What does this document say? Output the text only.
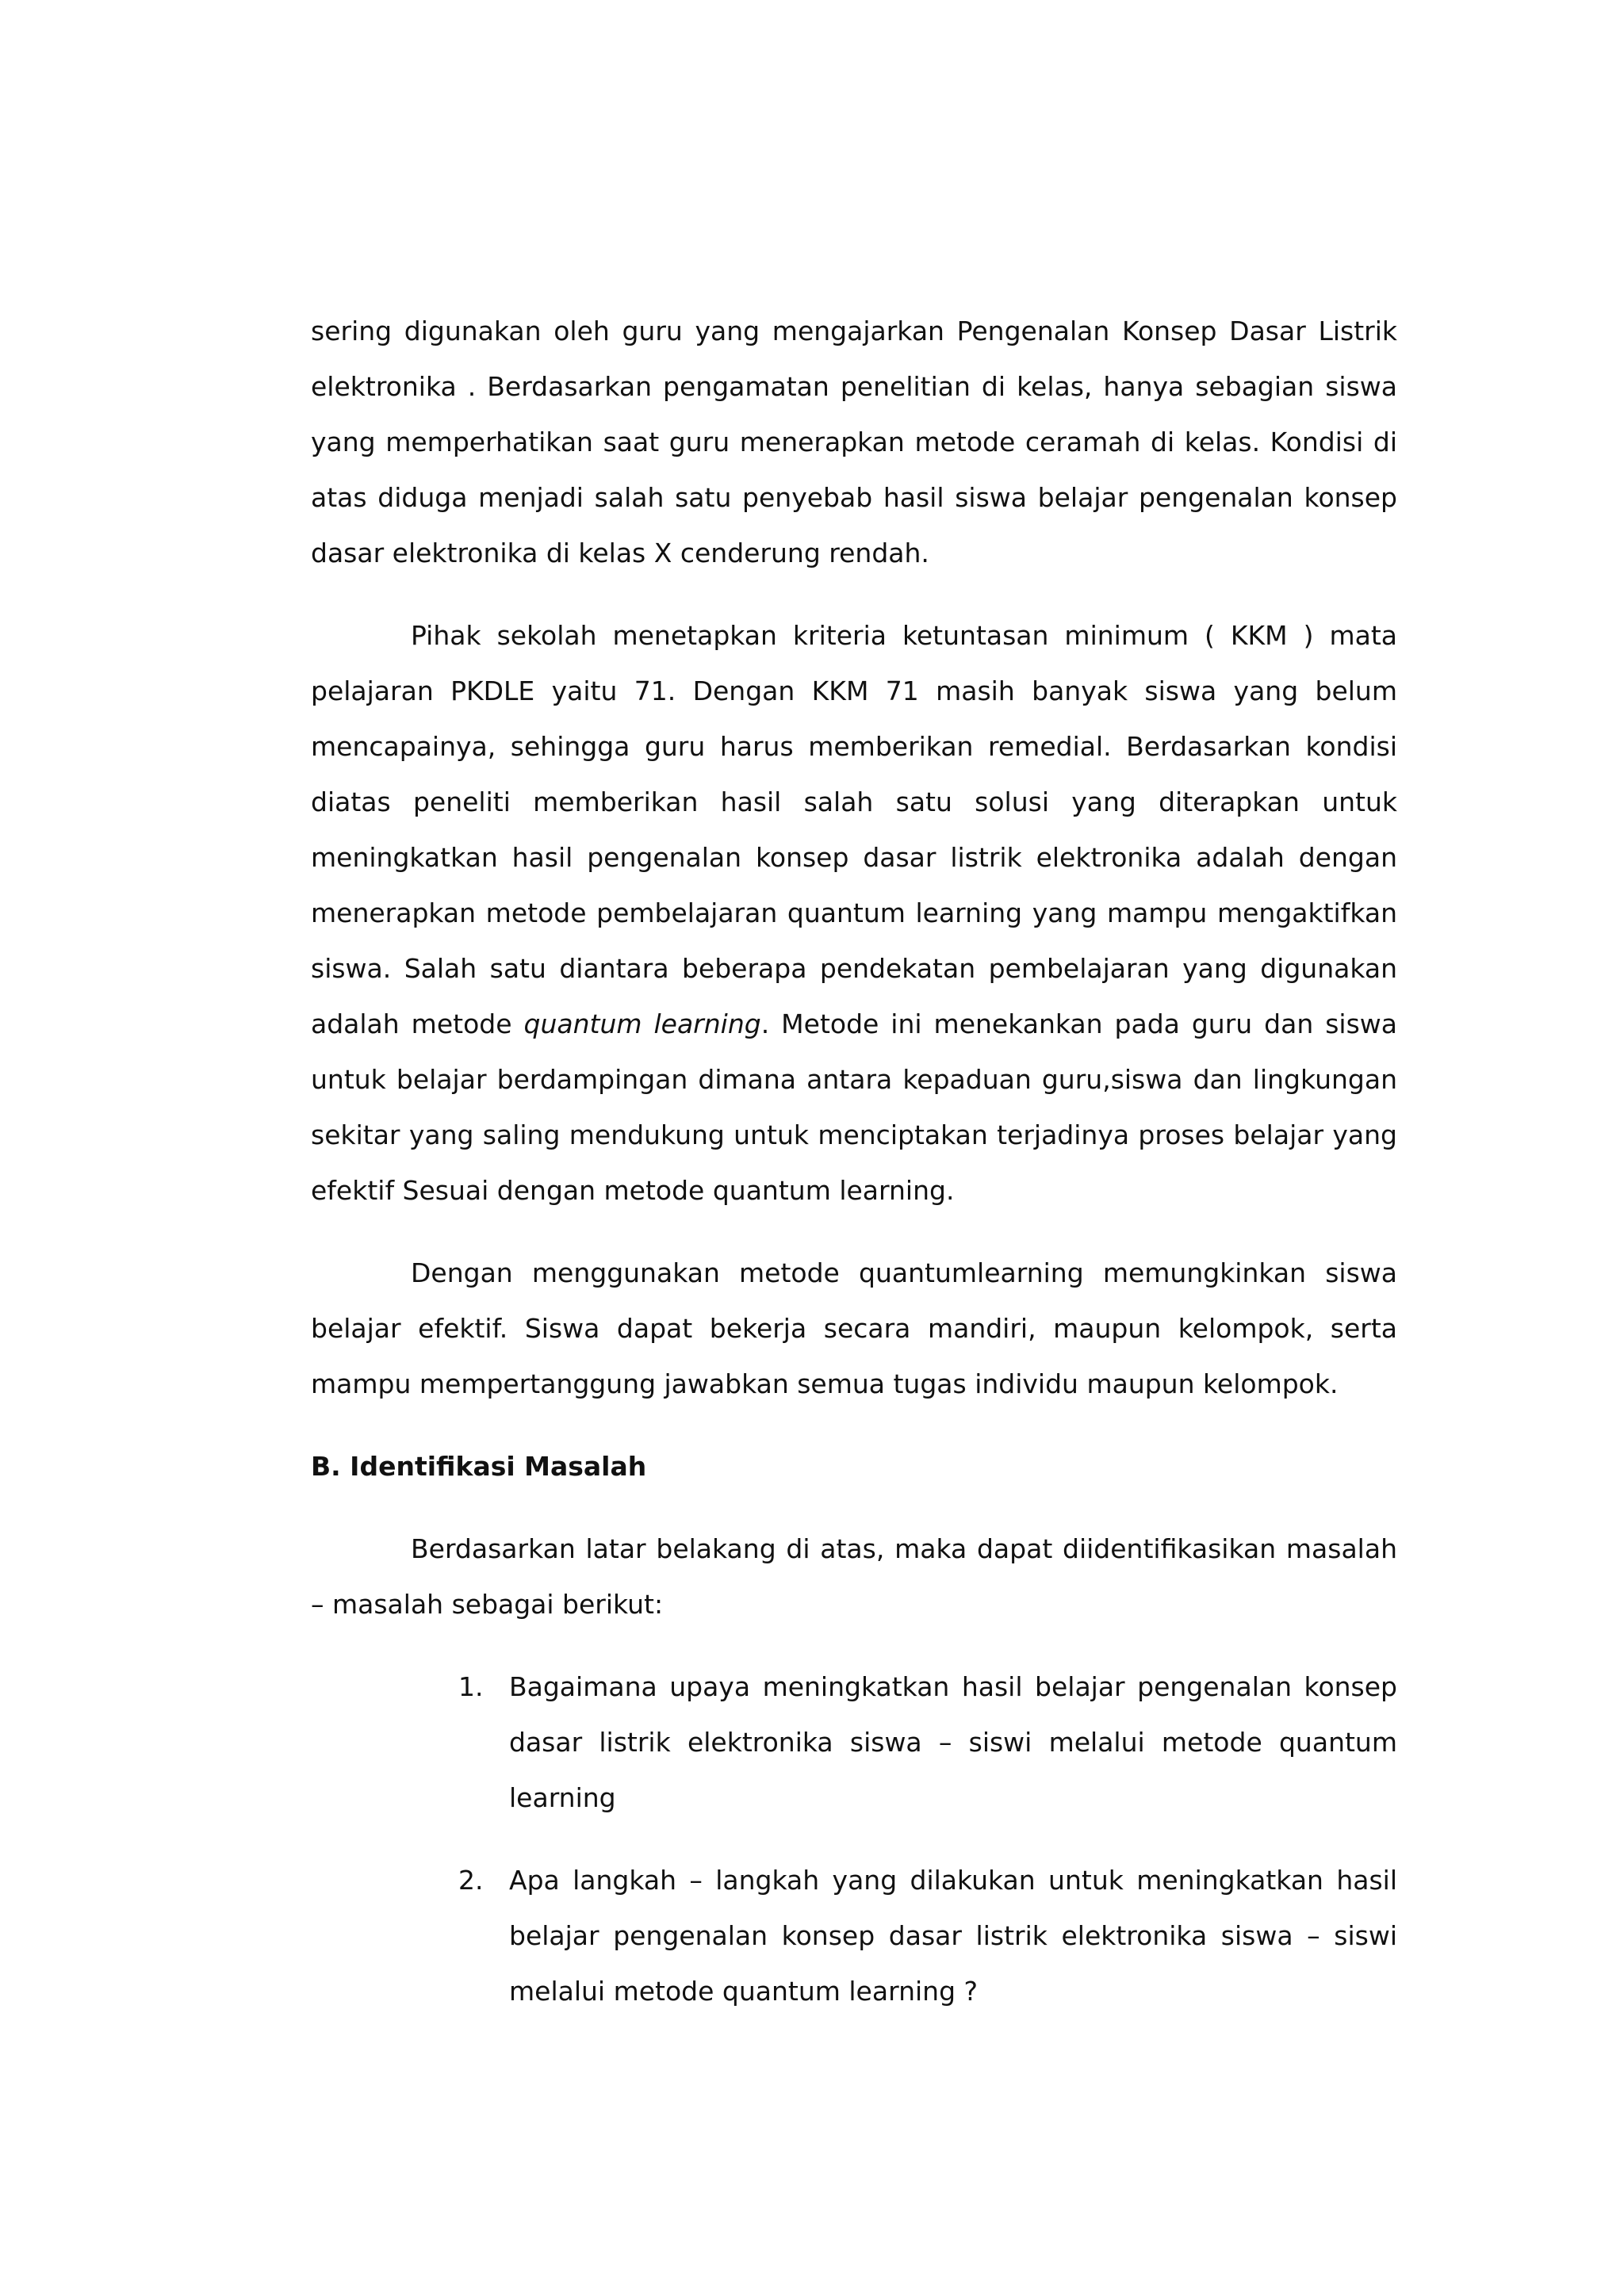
sering digunakan oleh guru yang mengajarkan Pengenalan Konsep Dasar Listrik elektronika . Berdasarkan pengamatan penelitian di kelas, hanya sebagian siswa yang memperhatikan saat guru menerapkan metode ceramah di kelas. Kondisi di atas diduga menjadi salah satu penyebab hasil siswa belajar pengenalan konsep dasar elektronika di kelas X cenderung rendah.

Pihak sekolah menetapkan kriteria ketuntasan minimum ( KKM ) mata pelajaran PKDLE yaitu 71. Dengan KKM 71 masih banyak siswa yang belum mencapainya, sehingga guru harus memberikan remedial. Berdasarkan kondisi diatas peneliti memberikan hasil salah satu solusi yang diterapkan untuk meningkatkan hasil pengenalan konsep dasar listrik elektronika adalah dengan menerapkan metode pembelajaran quantum learning yang mampu mengaktifkan siswa. Salah satu diantara beberapa pendekatan pembelajaran yang digunakan adalah metode quantum learning. Metode ini menekankan pada guru dan siswa untuk belajar berdampingan dimana antara kepaduan guru,siswa dan lingkungan sekitar yang saling mendukung untuk menciptakan terjadinya proses belajar yang efektif Sesuai dengan metode quantum learning.

Dengan menggunakan metode quantumlearning memungkinkan siswa belajar efektif. Siswa dapat bekerja secara mandiri, maupun kelompok, serta mampu mempertanggung jawabkan semua tugas individu maupun kelompok.

B. Identifikasi Masalah

Berdasarkan latar belakang di atas, maka dapat diidentifikasikan masalah – masalah sebagai berikut:

1. Bagaimana upaya meningkatkan hasil belajar pengenalan konsep dasar listrik elektronika siswa – siswi melalui metode quantum learning
2. Apa langkah – langkah yang dilakukan untuk meningkatkan hasil belajar pengenalan konsep dasar listrik elektronika siswa – siswi melalui metode quantum learning ?
